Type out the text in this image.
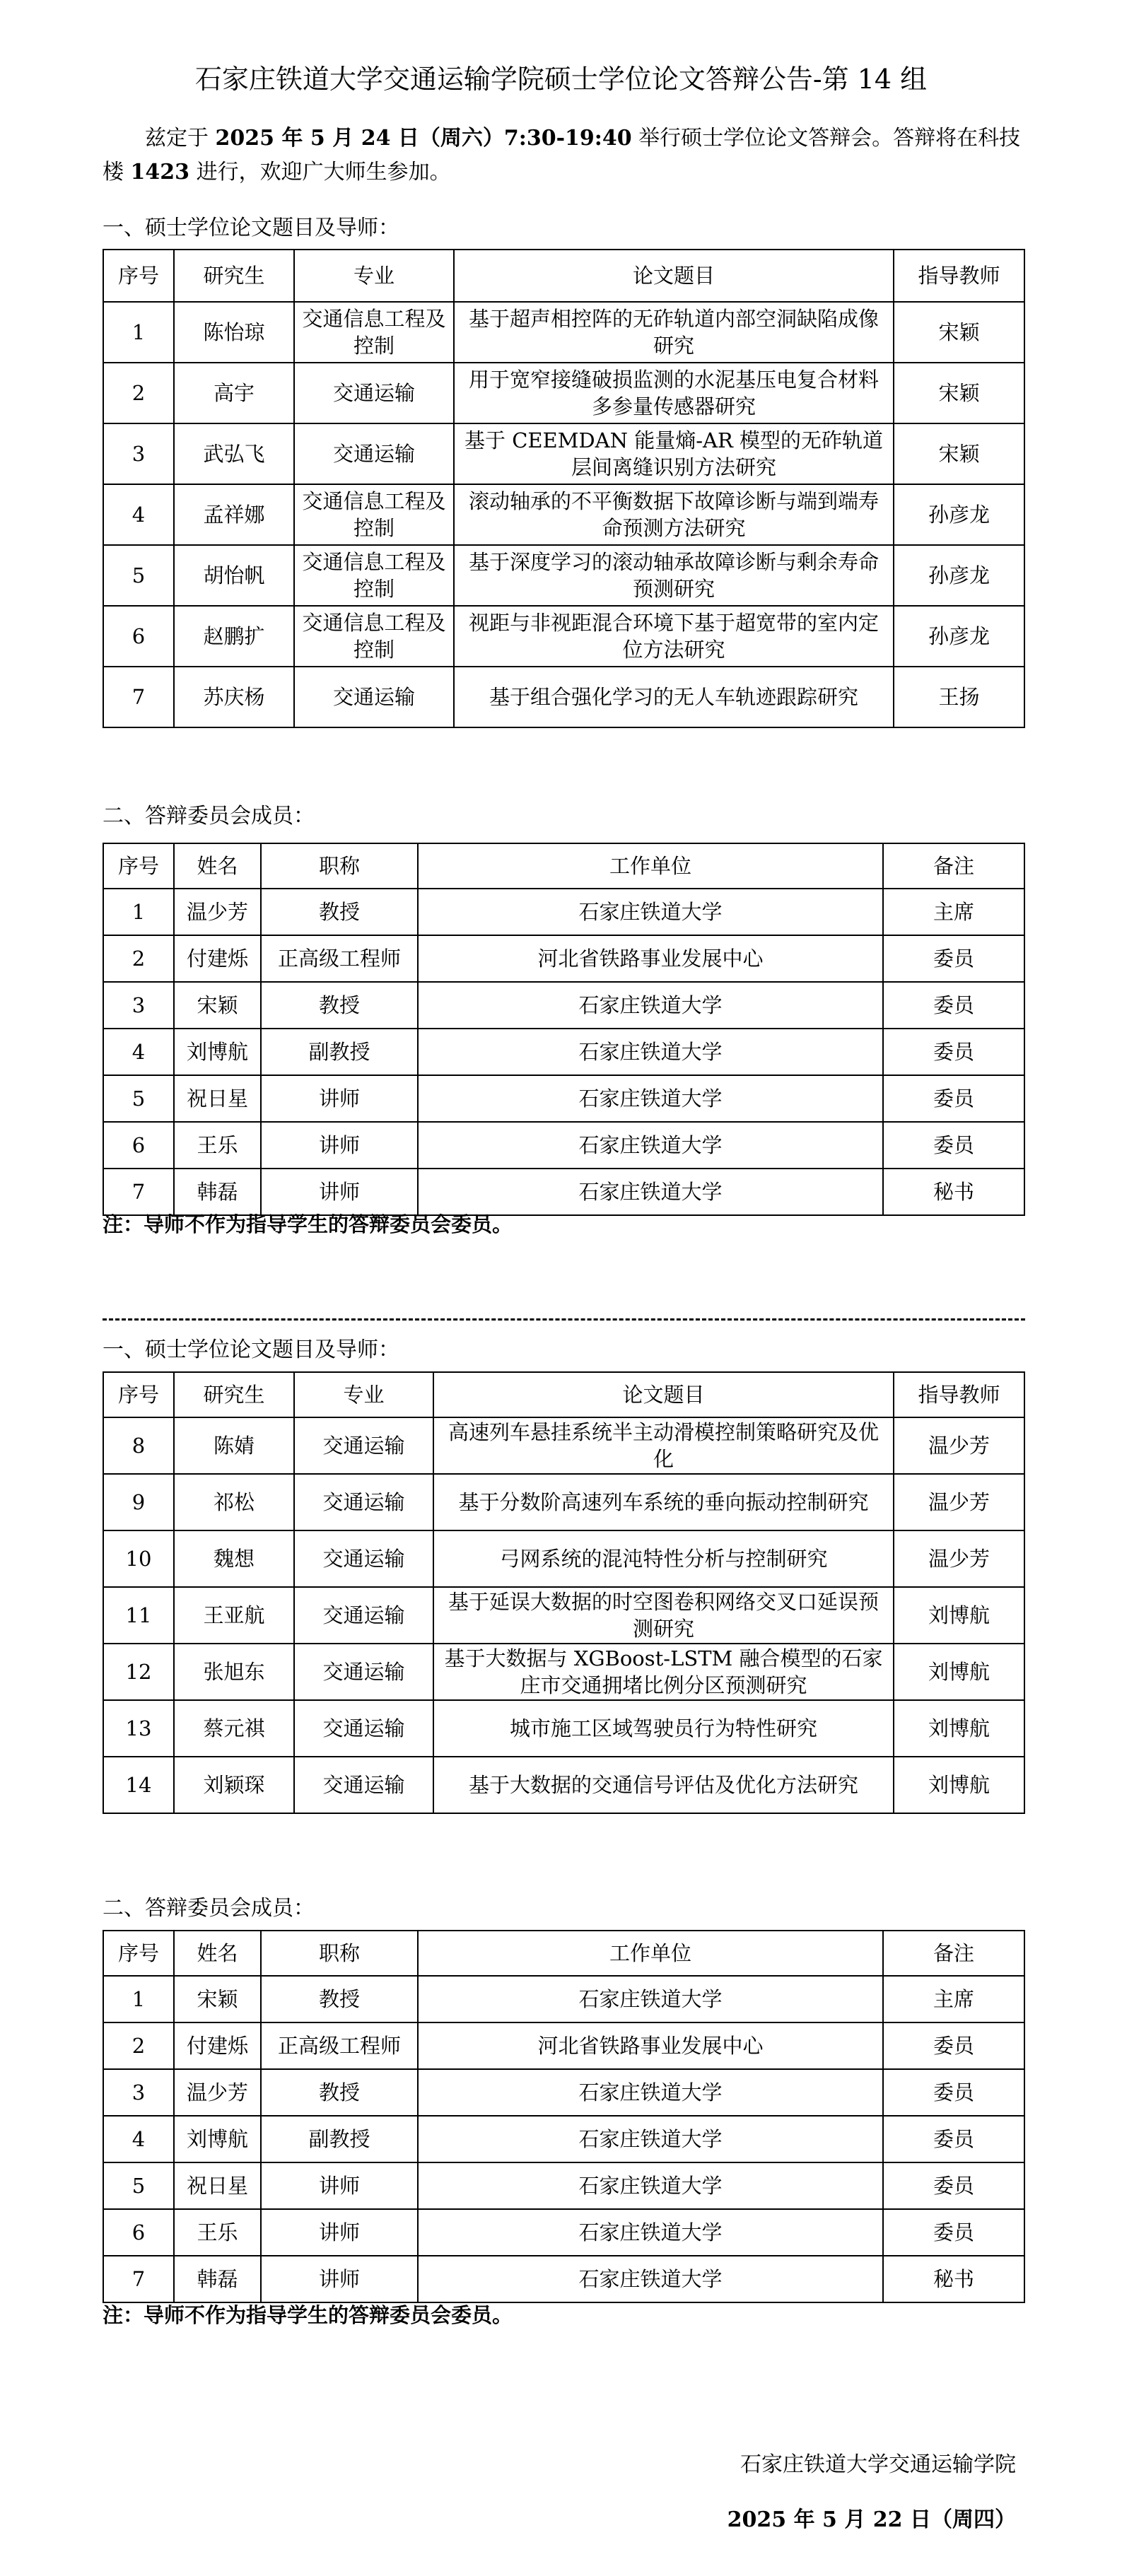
石家庄铁道大学交通运输学院硕士学位论文答辩公告-第 14 组
兹定于 2025 年 5 月 24 日（周六）7:30-19:40 举行硕士学位论文答辩会。答辩将在科技楼 1423 进行，欢迎广大师生参加。
一、硕士学位论文题目及导师：
序号	研究生	专业	论文题目	指导教师
1	陈怡琼	交通信息工程及控制	基于超声相控阵的无砟轨道内部空洞缺陷成像研究	宋颖
2	高宇	交通运输	用于宽窄接缝破损监测的水泥基压电复合材料多参量传感器研究	宋颖
3	武弘飞	交通运输	基于 CEEMDAN 能量熵-AR 模型的无砟轨道层间离缝识别方法研究	宋颖
4	孟祥娜	交通信息工程及控制	滚动轴承的不平衡数据下故障诊断与端到端寿命预测方法研究	孙彦龙
5	胡怡帆	交通信息工程及控制	基于深度学习的滚动轴承故障诊断与剩余寿命预测研究	孙彦龙
6	赵鹏扩	交通信息工程及控制	视距与非视距混合环境下基于超宽带的室内定位方法研究	孙彦龙
7	苏庆杨	交通运输	基于组合强化学习的无人车轨迹跟踪研究	王扬
二、答辩委员会成员：
序号	姓名	职称	工作单位	备注
1	温少芳	教授	石家庄铁道大学	主席
2	付建烁	正高级工程师	河北省铁路事业发展中心	委员
3	宋颖	教授	石家庄铁道大学	委员
4	刘博航	副教授	石家庄铁道大学	委员
5	祝日星	讲师	石家庄铁道大学	委员
6	王乐	讲师	石家庄铁道大学	委员
7	韩磊	讲师	石家庄铁道大学	秘书
注：导师不作为指导学生的答辩委员会委员。
一、硕士学位论文题目及导师：
序号	研究生	专业	论文题目	指导教师
8	陈婧	交通运输	高速列车悬挂系统半主动滑模控制策略研究及优化	温少芳
9	祁松	交通运输	基于分数阶高速列车系统的垂向振动控制研究	温少芳
10	魏想	交通运输	弓网系统的混沌特性分析与控制研究	温少芳
11	王亚航	交通运输	基于延误大数据的时空图卷积网络交叉口延误预测研究	刘博航
12	张旭东	交通运输	基于大数据与 XGBoost-LSTM 融合模型的石家庄市交通拥堵比例分区预测研究	刘博航
13	蔡元祺	交通运输	城市施工区域驾驶员行为特性研究	刘博航
14	刘颖琛	交通运输	基于大数据的交通信号评估及优化方法研究	刘博航
二、答辩委员会成员：
序号	姓名	职称	工作单位	备注
1	宋颖	教授	石家庄铁道大学	主席
2	付建烁	正高级工程师	河北省铁路事业发展中心	委员
3	温少芳	教授	石家庄铁道大学	委员
4	刘博航	副教授	石家庄铁道大学	委员
5	祝日星	讲师	石家庄铁道大学	委员
6	王乐	讲师	石家庄铁道大学	委员
7	韩磊	讲师	石家庄铁道大学	秘书
注：导师不作为指导学生的答辩委员会委员。
石家庄铁道大学交通运输学院
2025 年 5 月 22 日（周四）
